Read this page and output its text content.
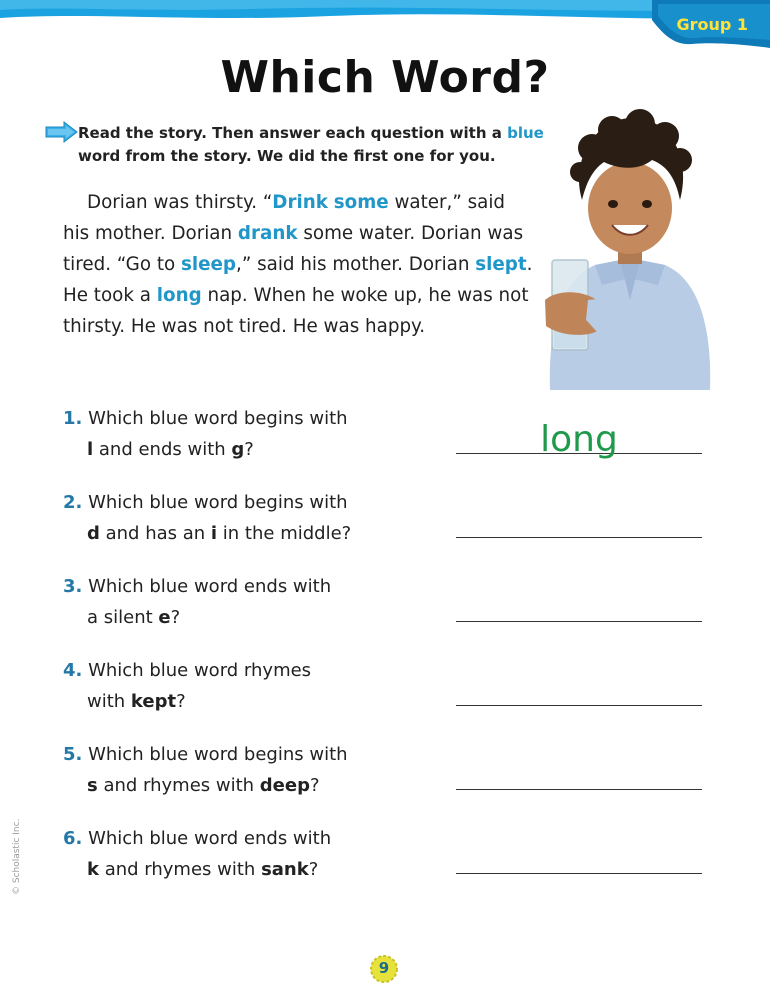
Group 1
Which Word?
Read the story. Then answer each question with a blue word from the story. We did the first one for you.

Dorian was thirsty. “Drink some water,” said his mother. Dorian drank some water. Dorian was tired. “Go to sleep,” said his mother. Dorian slept. He took a long nap. When he woke up, he was not thirsty. He was not tired. He was happy.

1. Which blue word begins with
l and ends with g?	long
2. Which blue word begins with
d and has an i in the middle?
3. Which blue word ends with
a silent e?
4. Which blue word rhymes
with kept?
5. Which blue word begins with
s and rhymes with deep?
6. Which blue word ends with
k and rhymes with sank?
© Scholastic Inc.
9
